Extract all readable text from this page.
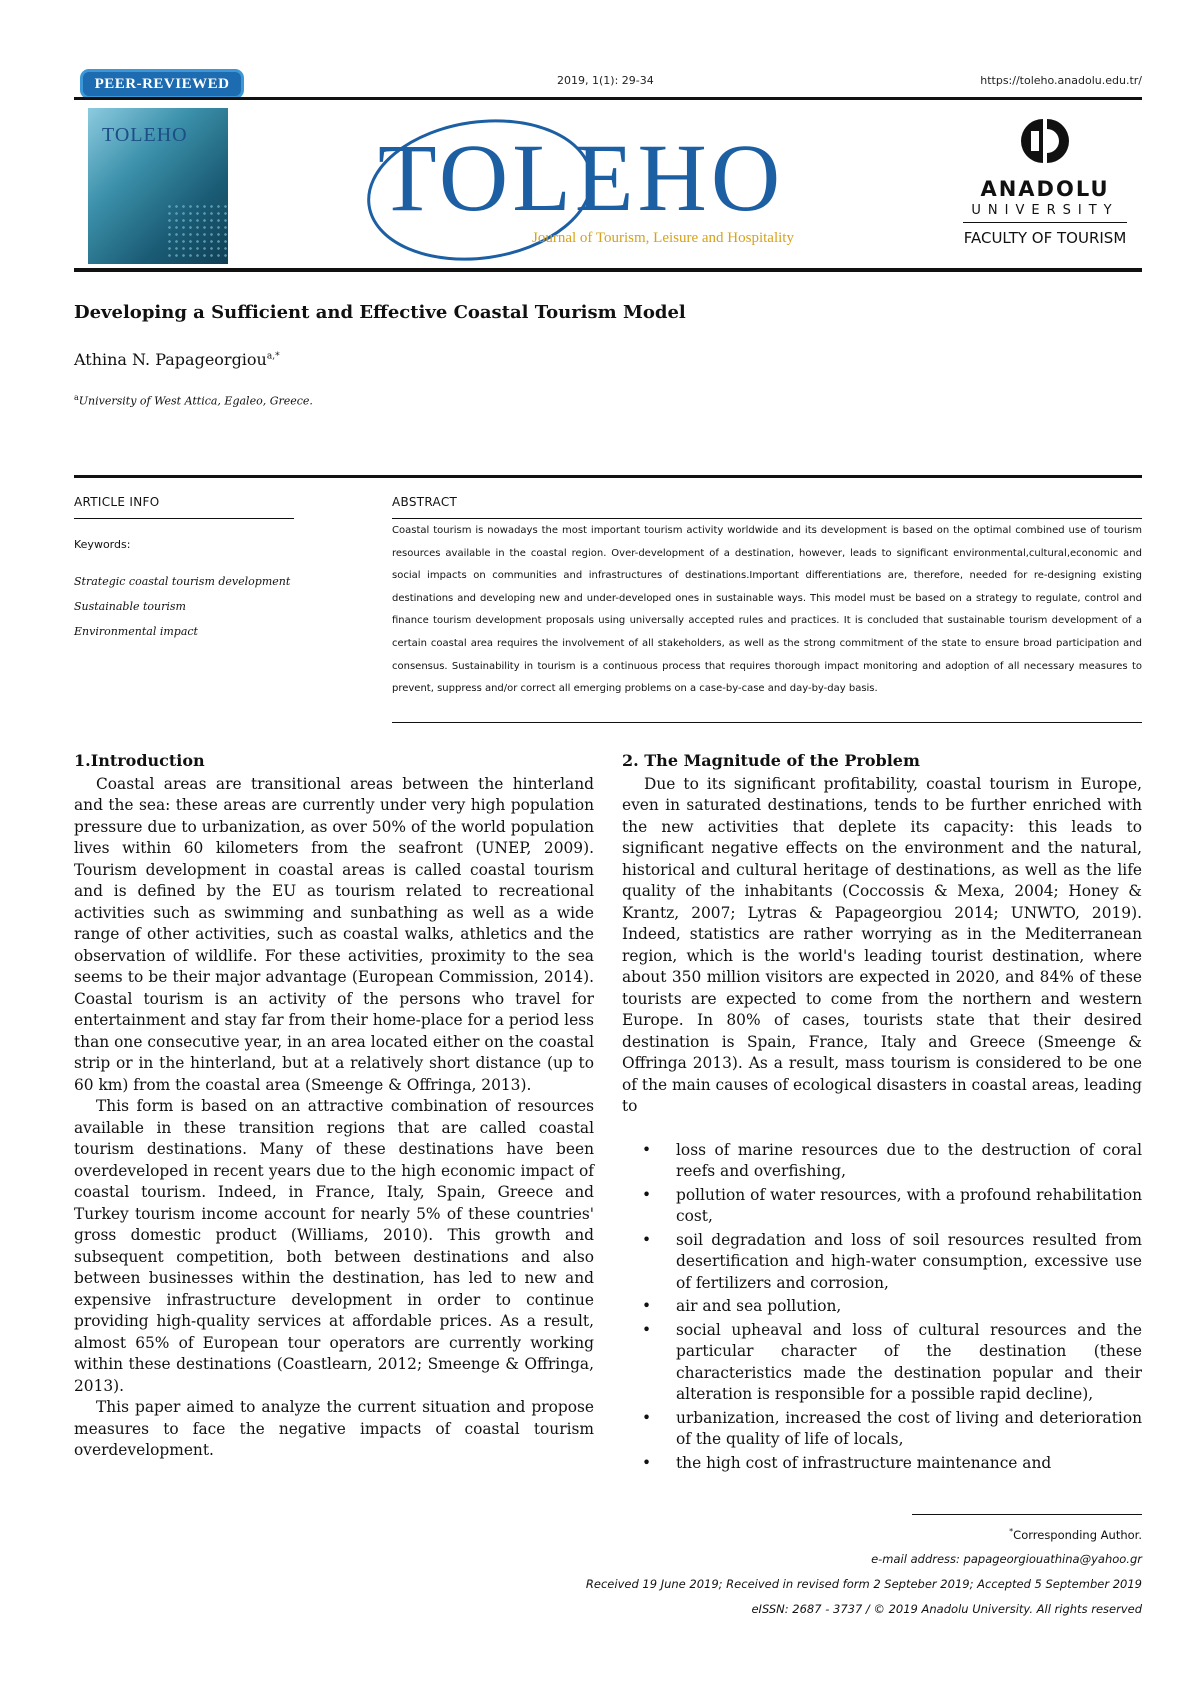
PEER-REVIEWED	2019, 1(1): 29-34	https://toleho.anadolu.edu.tr/
TOLEHO TOLEHO
Journal of Tourism, Leisure and Hospitality
ANADOLU
UNIVERSITY
FACULTY OF TOURISM
Developing a Sufficient and Effective Coastal Tourism Model
Athina N. Papageorgiou$^{a,*}$
$^a$University of West Attica, Egaleo, Greece.
ARTICLE INFO
Keywords:
Strategic coastal tourism development
Sustainable tourism
Environmental impact
ABSTRACT
Coastal tourism is nowadays the most important tourism activity worldwide and its development is based on the optimal combined use of tourism resources available in the coastal region. Over-development of a destination, however, leads to significant environmental,cultural,economic and social impacts on communities and infrastructures of destinations.Important differentiations are, therefore, needed for re-designing existing destinations and developing new and under-developed ones in sustainable ways. This model must be based on a strategy to regulate, control and finance tourism development proposals using universally accepted rules and practices. It is concluded that sustainable tourism development of a certain coastal area requires the involvement of all stakeholders, as well as the strong commitment of the state to ensure broad participation and consensus. Sustainability in tourism is a continuous process that requires thorough impact monitoring and adoption of all necessary measures to prevent, suppress and/or correct all emerging problems on a case-by-case and day-by-day basis.
1.Introduction

Coastal areas are transitional areas between the hinterland and the sea: these areas are currently under very high population pressure due to urbanization, as over 50% of the world population lives within 60 kilometers from the seafront (UNEP, 2009). Tourism development in coastal areas is called coastal tourism and is defined by the EU as tourism related to recreational activities such as swimming and sunbathing as well as a wide range of other activities, such as coastal walks, athletics and the observation of wildlife. For these activities, proximity to the sea seems to be their major advantage (European Commission, 2014). Coastal tourism is an activity of the persons who travel for entertainment and stay far from their home-place for a period less than one consecutive year, in an area located either on the coastal strip or in the hinterland, but at a relatively short distance (up to 60 km) from the coastal area (Smeenge & Offringa, 2013).

This form is based on an attractive combination of resources available in these transition regions that are called coastal tourism destinations. Many of these destinations have been overdeveloped in recent years due to the high economic impact of coastal tourism. Indeed, in France, Italy, Spain, Greece and Turkey tourism income account for nearly 5% of these countries' gross domestic product (Williams, 2010). This growth and subsequent competition, both between destinations and also between businesses within the destination, has led to new and expensive infrastructure development in order to continue providing high-quality services at affordable prices. As a result, almost 65% of European tour operators are currently working within these destinations (Coastlearn, 2012; Smeenge & Offringa, 2013).

This paper aimed to analyze the current situation and propose measures to face the negative impacts of coastal tourism overdevelopment.

2. The Magnitude of the Problem

Due to its significant profitability, coastal tourism in Europe, even in saturated destinations, tends to be further enriched with the new activities that deplete its capacity: this leads to significant negative effects on the environment and the natural, historical and cultural heritage of destinations, as well as the life quality of the inhabitants (Coccossis & Mexa, 2004; Honey & Krantz, 2007; Lytras & Papageorgiou 2014; UNWTO, 2019). Indeed, statistics are rather worrying as in the Mediterranean region, which is the world's leading tourist destination, where about 350 million visitors are expected in 2020, and 84% of these tourists are expected to come from the northern and western Europe. In 80% of cases, tourists state that their desired destination is Spain, France, Italy and Greece (Smeenge & Offringa 2013). As a result, mass tourism is considered to be one of the main causes of ecological disasters in coastal areas, leading to

• loss of marine resources due to the destruction of coral reefs and overfishing,
• pollution of water resources, with a profound rehabilitation cost,
• soil degradation and loss of soil resources resulted from desertification and high-water consumption, excessive use of fertilizers and corrosion,
• air and sea pollution,
• social upheaval and loss of cultural resources and the particular character of the destination (these characteristics made the destination popular and their alteration is responsible for a possible rapid decline),
• urbanization, increased the cost of living and deterioration of the quality of life of locals,
• the high cost of infrastructure maintenance and
*Corresponding Author.
e-mail address: papageorgiouathina@yahoo.gr
Received 19 June 2019; Received in revised form 2 Septeber 2019; Accepted 5 September 2019
eISSN: 2687 - 3737 / © 2019 Anadolu University. All rights reserved
